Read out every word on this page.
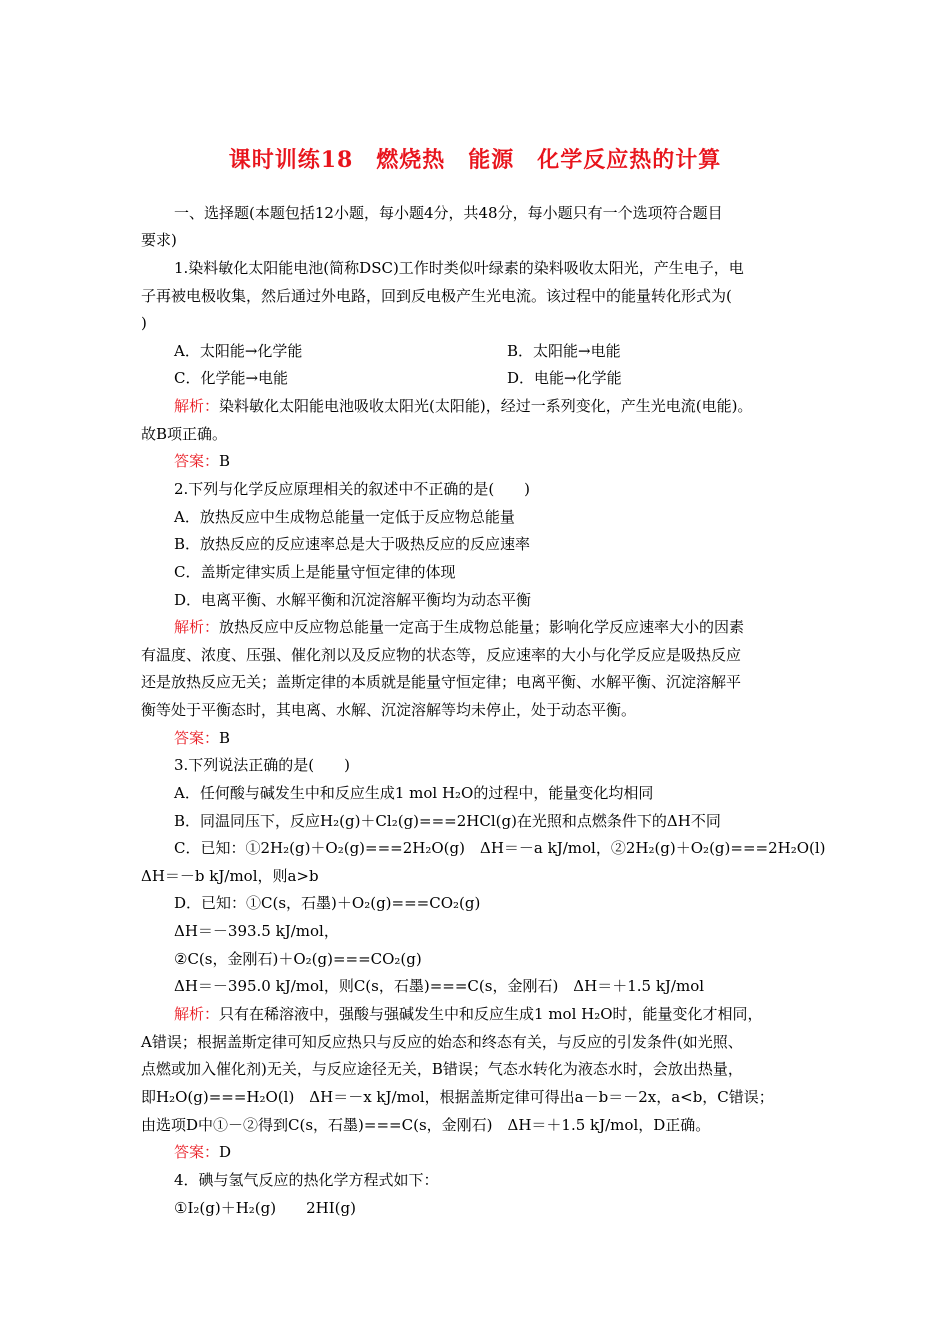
课时训练18　燃烧热　能源　化学反应热的计算
一、选择题(本题包括12小题，每小题4分，共48分，每小题只有一个选项符合题目
要求)
1.染料敏化太阳能电池(简称DSC)工作时类似叶绿素的染料吸收太阳光，产生电子，电
子再被电极收集，然后通过外电路，回到反电极产生光电流。该过程中的能量转化形式为(
)
A．太阳能→化学能	B．太阳能→电能
C．化学能→电能	D．电能→化学能
解析：染料敏化太阳能电池吸收太阳光(太阳能)，经过一系列变化，产生光电流(电能)。
故B项正确。
答案：B
2.下列与化学反应原理相关的叙述中不正确的是(　　)
A．放热反应中生成物总能量一定低于反应物总能量
B．放热反应的反应速率总是大于吸热反应的反应速率
C．盖斯定律实质上是能量守恒定律的体现
D．电离平衡、水解平衡和沉淀溶解平衡均为动态平衡
解析：放热反应中反应物总能量一定高于生成物总能量；影响化学反应速率大小的因素
有温度、浓度、压强、催化剂以及反应物的状态等，反应速率的大小与化学反应是吸热反应
还是放热反应无关；盖斯定律的本质就是能量守恒定律；电离平衡、水解平衡、沉淀溶解平
衡等处于平衡态时，其电离、水解、沉淀溶解等均未停止，处于动态平衡。
答案：B
3.下列说法正确的是(　　)
A．任何酸与碱发生中和反应生成1 mol H₂O的过程中，能量变化均相同
B．同温同压下，反应H₂(g)＋Cl₂(g)===2HCl(g)在光照和点燃条件下的ΔH不同
C．已知：①2H₂(g)＋O₂(g)===2H₂O(g)　ΔH＝－a kJ/mol，②2H₂(g)＋O₂(g)===2H₂O(l)
ΔH＝－b kJ/mol，则a>b
D．已知：①C(s，石墨)＋O₂(g)===CO₂(g)
ΔH＝－393.5 kJ/mol，
②C(s，金刚石)＋O₂(g)===CO₂(g)
ΔH＝－395.0 kJ/mol，则C(s，石墨)===C(s，金刚石)　ΔH＝＋1.5 kJ/mol
解析：只有在稀溶液中，强酸与强碱发生中和反应生成1 mol H₂O时，能量变化才相同，
A错误；根据盖斯定律可知反应热只与反应的始态和终态有关，与反应的引发条件(如光照、
点燃或加入催化剂)无关，与反应途径无关，B错误；气态水转化为液态水时，会放出热量，
即H₂O(g)===H₂O(l)　ΔH＝－x kJ/mol，根据盖斯定律可得出a－b＝－2x，a<b，C错误；
由选项D中①－②得到C(s，石墨)===C(s，金刚石)　ΔH＝＋1.5 kJ/mol，D正确。
答案：D
4．碘与氢气反应的热化学方程式如下：
①I₂(g)＋H₂(g)　　2HI(g)
